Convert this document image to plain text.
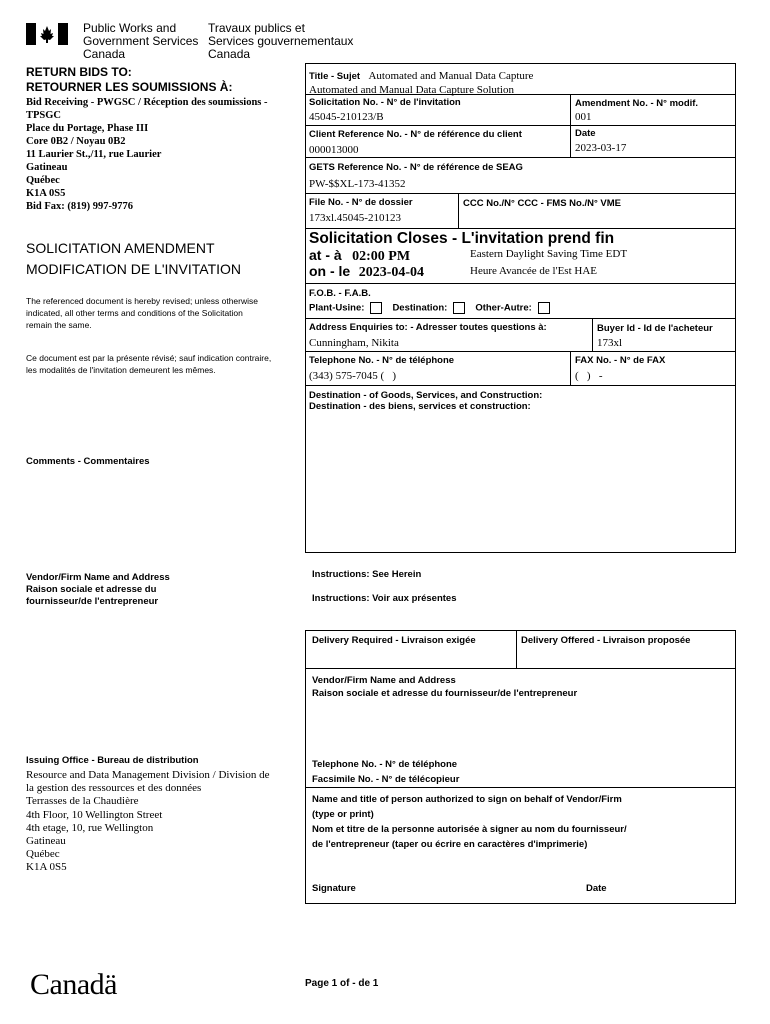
Public Works and
Government Services
Canada
Travaux publics et
Services gouvernementaux
Canada
RETURN BIDS TO:
RETOURNER LES SOUMISSIONS À:
Bid Receiving - PWGSC / Réception des soumissions -
TPSGC
Place du Portage, Phase III
Core 0B2 / Noyau 0B2
11 Laurier St.,/11, rue Laurier
Gatineau
Québec
K1A 0S5
Bid Fax: (819) 997-9776
SOLICITATION AMENDMENT
MODIFICATION DE L'INVITATION
The referenced document is hereby revised; unless otherwise
indicated, all other terms and conditions of the Solicitation
remain the same.
Ce document est par la présente révisé; sauf indication contraire,
les modalités de l'invitation demeurent les mêmes.
Comments - Commentaires
Vendor/Firm Name and Address
Raison sociale et adresse du
fournisseur/de l'entrepreneur
Issuing Office - Bureau de distribution
Resource and Data Management Division / Division de
la gestion des ressources et des données
Terrasses de la Chaudière
4th Floor, 10 Wellington Street
4th etage, 10, rue Wellington
Gatineau
Québec
K1A 0S5
Title - Sujet Automated and Manual Data Capture
Automated and Manual Data Capture Solution
Solicitation No. - N° de l'invitation
45045-210123/B
Amendment No. - N° modif.
001
Client Reference No. - N° de référence du client
000013000
Date
2023-03-17
GETS Reference No. - N° de référence de SEAG
PW-$$XL-173-41352
File No. - N° de dossier
173xl.45045-210123
CCC No./N° CCC - FMS No./N° VME
Solicitation Closes - L'invitation prend fin
at - à 02:00 PM
on - le 2023-04-04
Eastern Daylight Saving Time EDT
Heure Avancée de l'Est HAE
F.O.B. - F.A.B.
Plant-Usine:	Destination:	Other-Autre:
Address Enquiries to: - Adresser toutes questions à:
Cunningham, Nikita
Buyer Id - Id de l'acheteur
173xl
Telephone No. - N° de téléphone
(343) 575-7045 (   )
FAX No. - N° de FAX
(   )   -
Destination - of Goods, Services, and Construction:
Destination - des biens, services et construction:
Instructions: See Herein
Instructions: Voir aux présentes
Delivery Required - Livraison exigée	Delivery Offered - Livraison proposée
Vendor/Firm Name and Address
Raison sociale et adresse du fournisseur/de l'entrepreneur
Telephone No. - N° de téléphone
Facsimile No. - N° de télécopieur
Name and title of person authorized to sign on behalf of Vendor/Firm
(type or print)
Nom et titre de la personne autorisée à signer au nom du fournisseur/
de l'entrepreneur (taper ou écrire en caractères d'imprimerie)
Signature	Date
Canadä	Page 1 of - de 1
